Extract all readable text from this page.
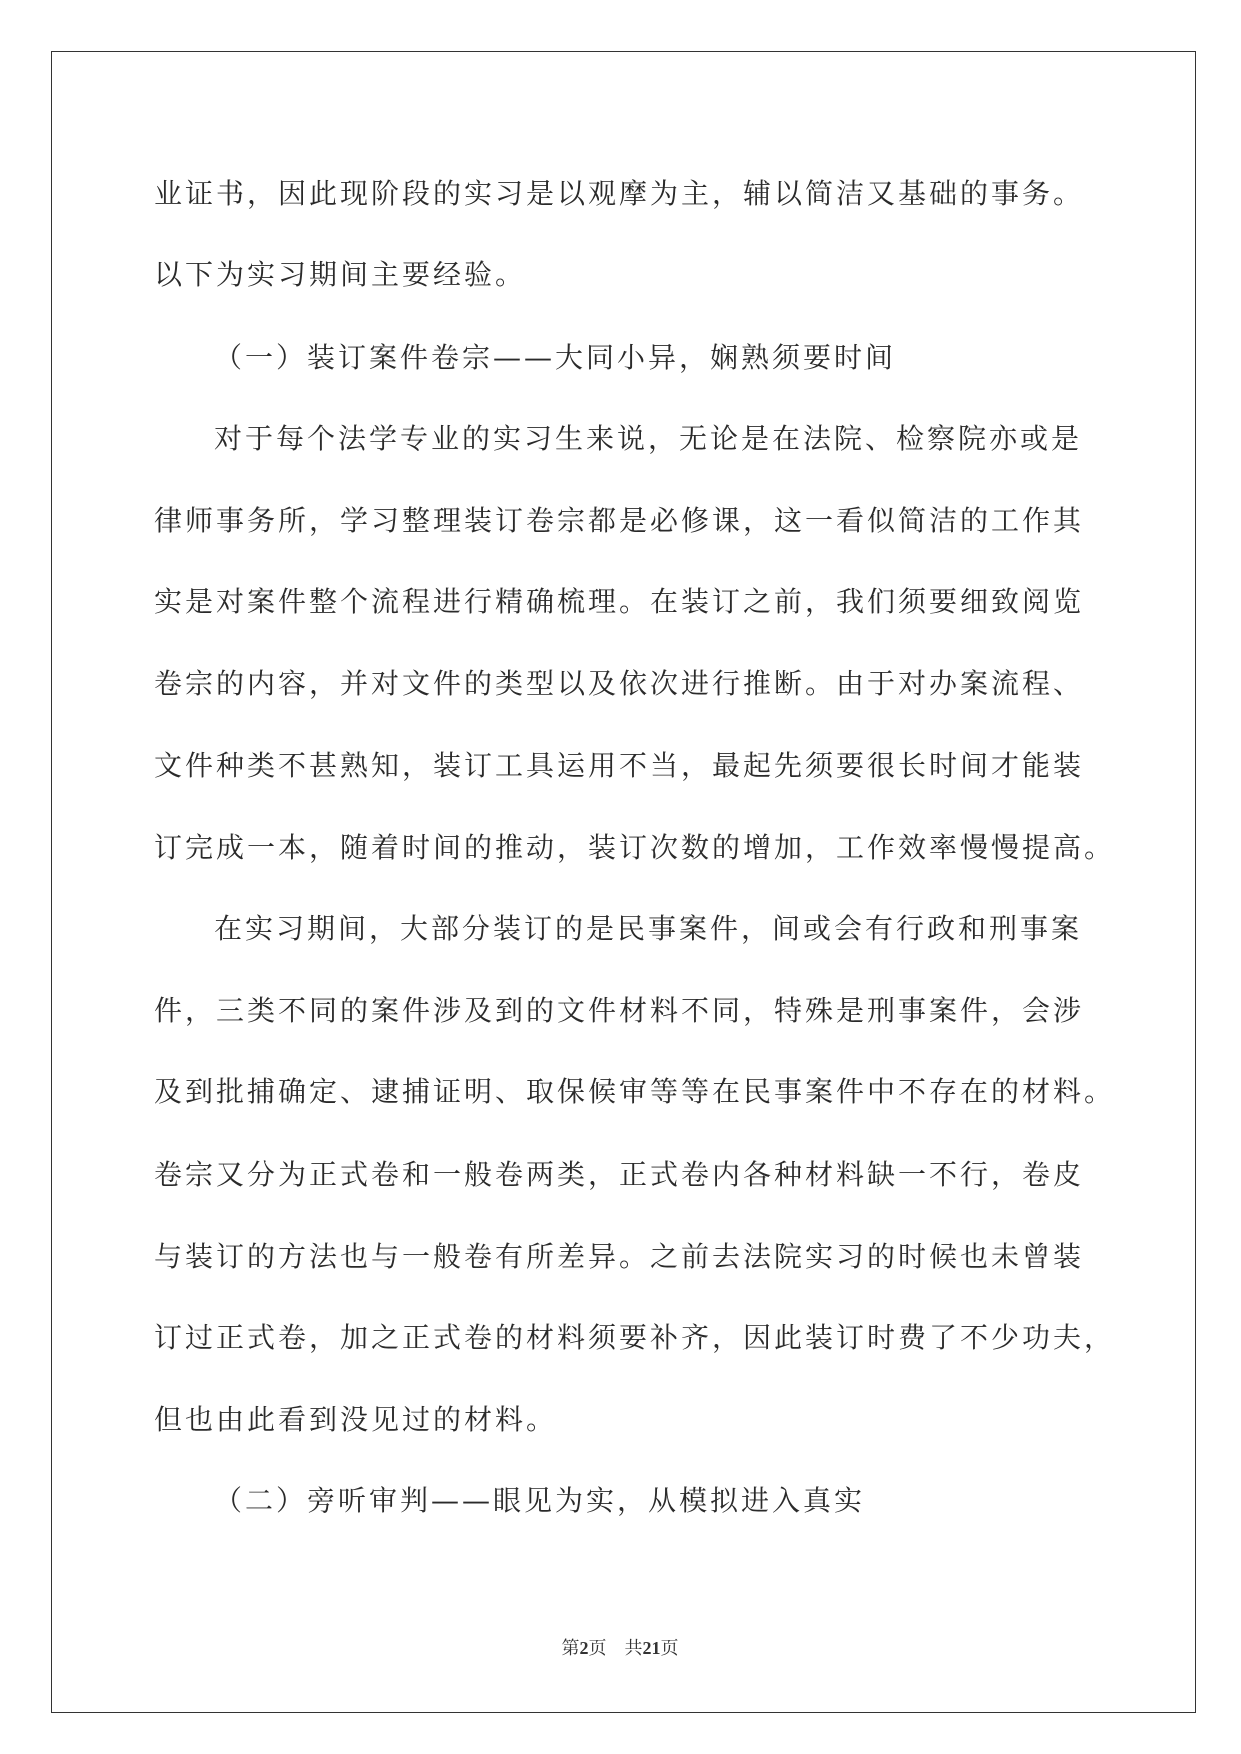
业证书，因此现阶段的实习是以观摩为主，辅以简洁又基础的事务。
以下为实习期间主要经验。
（一）装订案件卷宗——大同小异，娴熟须要时间
对于每个法学专业的实习生来说，无论是在法院、检察院亦或是
律师事务所，学习整理装订卷宗都是必修课，这一看似简洁的工作其
实是对案件整个流程进行精确梳理。在装订之前，我们须要细致阅览
卷宗的内容，并对文件的类型以及依次进行推断。由于对办案流程、
文件种类不甚熟知，装订工具运用不当，最起先须要很长时间才能装
订完成一本，随着时间的推动，装订次数的增加，工作效率慢慢提高。
在实习期间，大部分装订的是民事案件，间或会有行政和刑事案
件，三类不同的案件涉及到的文件材料不同，特殊是刑事案件，会涉
及到批捕确定、逮捕证明、取保候审等等在民事案件中不存在的材料。
卷宗又分为正式卷和一般卷两类，正式卷内各种材料缺一不行，卷皮
与装订的方法也与一般卷有所差异。之前去法院实习的时候也未曾装
订过正式卷，加之正式卷的材料须要补齐，因此装订时费了不少功夫，
但也由此看到没见过的材料。
（二）旁听审判——眼见为实，从模拟进入真实
第2页 共21页
